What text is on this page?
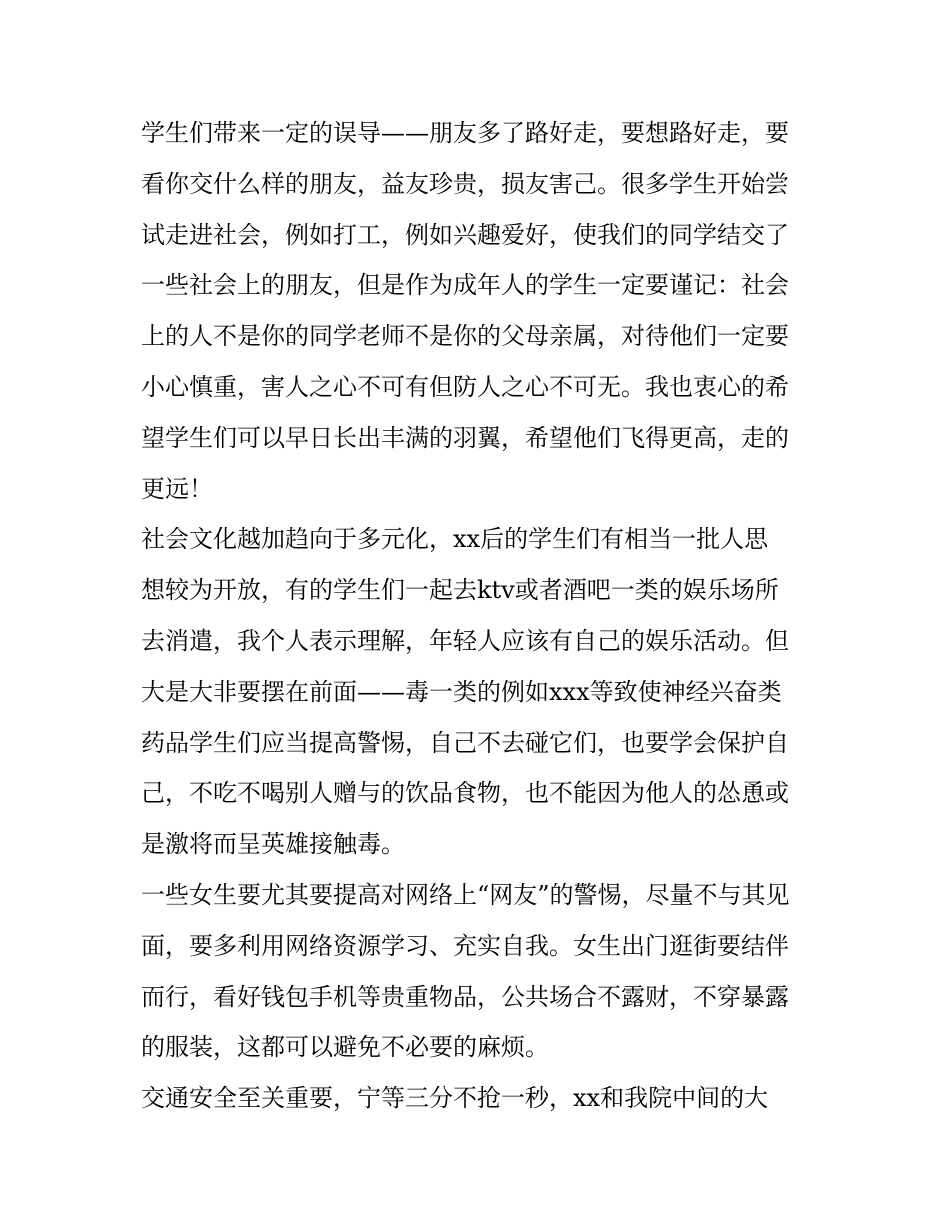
学生们带来一定的误导——朋友多了路好走，要想路好走，要
看你交什么样的朋友，益友珍贵，损友害己。很多学生开始尝
试走进社会，例如打工，例如兴趣爱好，使我们的同学结交了
一些社会上的朋友，但是作为成年人的学生一定要谨记：社会
上的人不是你的同学老师不是你的父母亲属，对待他们一定要
小心慎重，害人之心不可有但防人之心不可无。我也衷心的希
望学生们可以早日长出丰满的羽翼，希望他们飞得更高，走的
更远！
社会文化越加趋向于多元化，xx后的学生们有相当一批人思
想较为开放，有的学生们一起去ktv或者酒吧一类的娱乐场所
去消遣，我个人表示理解，年轻人应该有自己的娱乐活动。但
大是大非要摆在前面——毒一类的例如xxx等致使神经兴奋类
药品学生们应当提高警惕，自己不去碰它们，也要学会保护自
己，不吃不喝别人赠与的饮品食物，也不能因为他人的怂恿或
是激将而呈英雄接触毒。
一些女生要尤其要提高对网络上“网友”的警惕，尽量不与其见
面，要多利用网络资源学习、充实自我。女生出门逛街要结伴
而行，看好钱包手机等贵重物品，公共场合不露财，不穿暴露
的服装，这都可以避免不必要的麻烦。
交通安全至关重要，宁等三分不抢一秒，xx和我院中间的大
